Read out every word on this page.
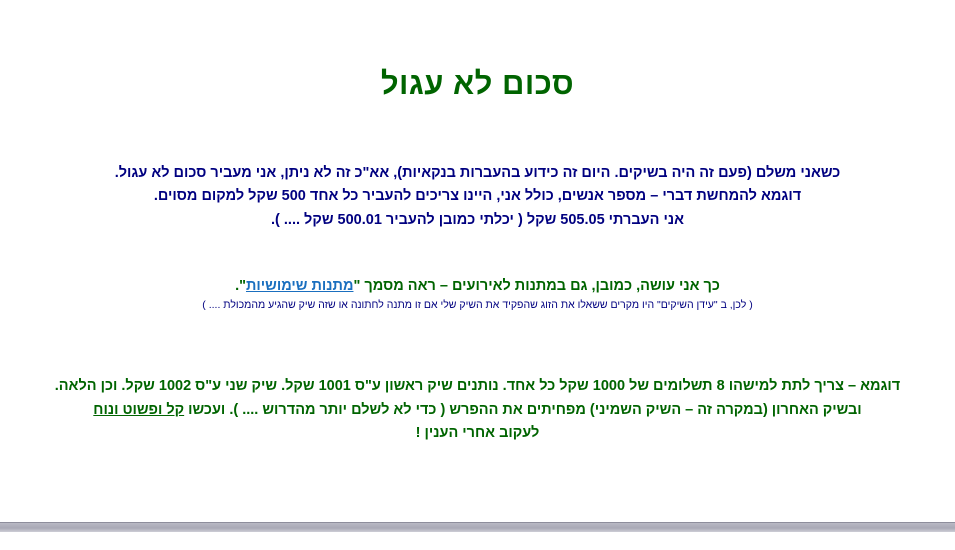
סכום לא עגול
כשאני משלם (פעם זה היה בשיקים. היום זה כידוע בהעברות בנקאיות), אא"כ זה לא ניתן, אני מעביר סכום לא עגול.
דוגמא להמחשת דברי – מספר אנשים, כולל אני, היינו צריכים להעביר כל אחד 500 שקל למקום מסוים.
אני העברתי 505.05 שקל ( יכלתי כמובן להעביר 500.01 שקל .... ).
כך אני עושה, כמובן, גם במתנות לאירועים – ראה מסמך "מתנות שימושיות".
( לכן, ב "עידן השיקים" היו מקרים ששאלו את הזוג שהפקיד את השיק שלי אם זו מתנה לחתונה או שזה שיק שהגיע מהמכולת .... )
דוגמא – צריך לתת למישהו 8 תשלומים של 1000 שקל כל אחד. נותנים שיק ראשון ע"ס 1001 שקל. שיק שני ע"ס 1002 שקל. וכן הלאה.
ובשיק האחרון (במקרה זה – השיק השמיני) מפחיתים את ההפרש ( כדי לא לשלם יותר מהדרוש .... ). ועכשו קל ופשוט ונוח
לעקוב אחרי הענין !
